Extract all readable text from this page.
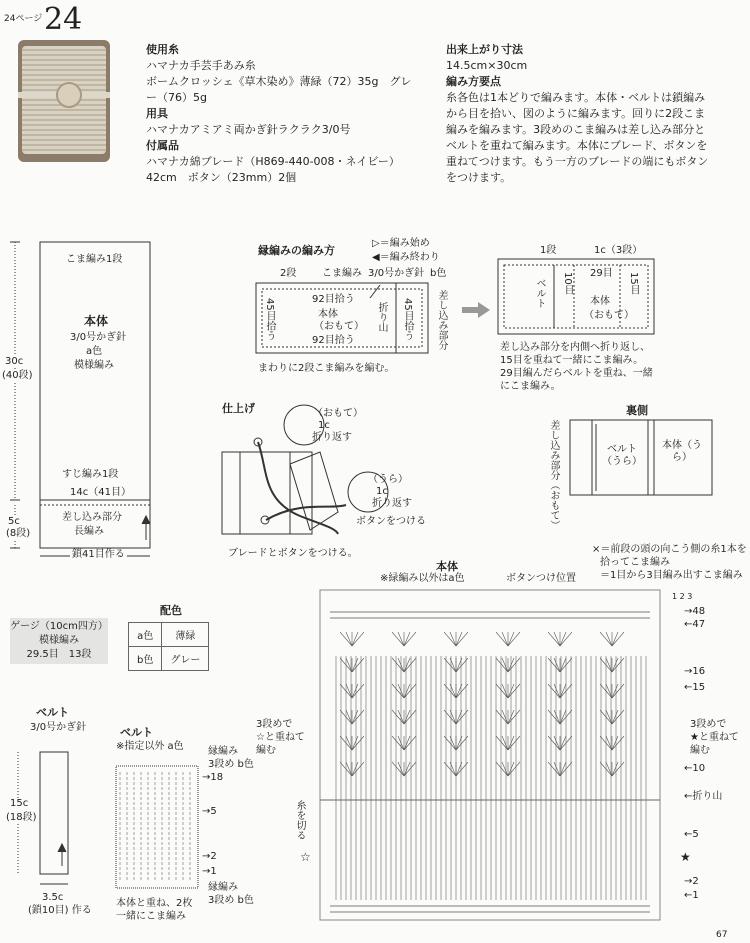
24ページ 24
使用糸
ハマナカ手芸手あみ糸
ボームクロッシェ《草木染め》薄緑（72）35g　グレ
ー（76）5g
用具
ハマナカアミアミ両かぎ針ラクラク3/0号
付属品
ハマナカ綿ブレード（H869-440-008・ネイビー）
42cm　ボタン（23mm）2個
出来上がり寸法
14.5cm×30cm
編み方要点
糸各色は1本どりで編みます。本体・ベルトは鎖編み
から目を拾い、図のように編みます。回りに2段こま
編みを編みます。3段めのこま編みは差し込み部分と
ベルトを重ねて編みます。本体にブレード、ボタンを
重ねてつけます。もう一方のブレードの端にもボタン
をつけます。
こま編み1段
本体
3/0号かぎ針
a色
模様編み
30c
(40段)
5c
(8段)
すじ編み1段
14c（41目）
差し込み部分
長編み
鎖41目作る
縁編みの編み方
▷＝編み始め
◀＝編み終わり
2段	こま編み 3/0号かぎ針 b色
92目拾う
92目拾う
45目拾う	45目拾う
本体
（おもて） 折り山	差し込み部分
まわりに2段こま編みを編む。
1段	1c（3段）
ベルト 10目 29目 15目
本体
（おもて）
差し込み部分を内側へ折り返し、
15目を重ねて一緒にこま編み。
29目編んだらベルトを重ね、一緒
にこま編み。
裏側
差し込み部分（おもて）	ベルト（うら）
本体（うら）
仕上げ	（おもて）
1c
折り返す
（うら）
1c
折り返す
ボタンをつける
ブレードとボタンをつける。
ゲージ（10cm四方）
模様編み
29.5目　13段
配色
a色	薄緑
b色	グレー
ベルト
3/0号かぎ針
15c
(18段)
3.5c
(鎖10目) 作る
ベルト
※指定以外 a色 縁編み
3段め b色
→18
→5
→2
→1
縁編み
3段め b色
本体と重ね、2枚
一緒にこま編み
本体
※緑編み以外はa色	ボタンつけ位置
×＝前段の頭の向こう側の糸1本を
拾ってこま編み
＝1目から3目編み出すこま編み
3段めで
☆と重ねて
編む
糸を切る
3段めで
★と重ねて
編む
→48
←47
→16
←15
←10
←折り山
←5
★
☆
→2
←1
1 2 3
67
